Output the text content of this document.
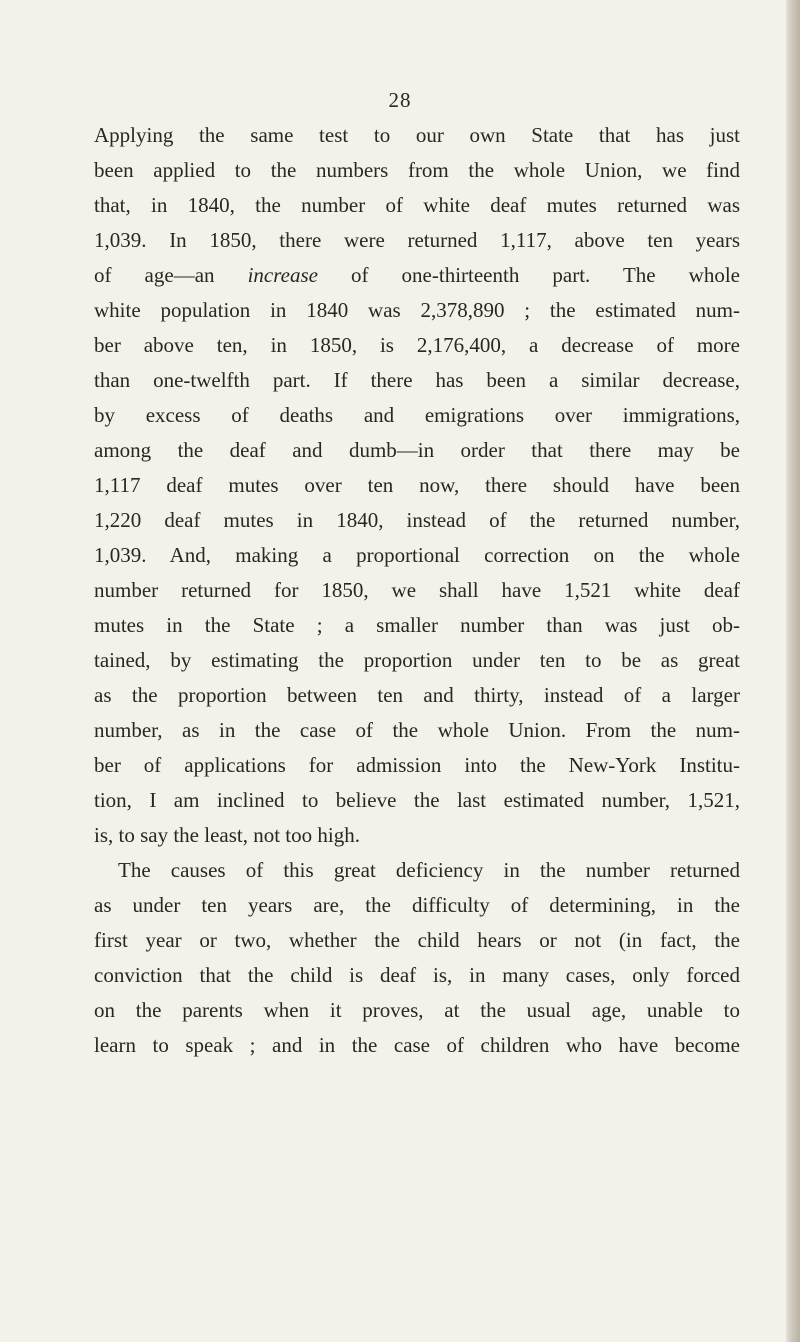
28
Applying the same test to our own State that has just
been applied to the numbers from the whole Union, we find
that, in 1840, the number of white deaf mutes returned was
1,039. In 1850, there were returned 1,117, above ten years
of age—an increase of one-thirteenth part. The whole
white population in 1840 was 2,378,890 ; the estimated num-
ber above ten, in 1850, is 2,176,400, a decrease of more
than one-twelfth part. If there has been a similar decrease,
by excess of deaths and emigrations over immigrations,
among the deaf and dumb—in order that there may be
1,117 deaf mutes over ten now, there should have been
1,220 deaf mutes in 1840, instead of the returned number,
1,039. And, making a proportional correction on the whole
number returned for 1850, we shall have 1,521 white deaf
mutes in the State ; a smaller number than was just ob-
tained, by estimating the proportion under ten to be as great
as the proportion between ten and thirty, instead of a larger
number, as in the case of the whole Union. From the num-
ber of applications for admission into the New-York Institu-
tion, I am inclined to believe the last estimated number, 1,521,
is, to say the least, not too high.
The causes of this great deficiency in the number returned
as under ten years are, the difficulty of determining, in the
first year or two, whether the child hears or not (in fact, the
conviction that the child is deaf is, in many cases, only forced
on the parents when it proves, at the usual age, unable to
learn to speak ; and in the case of children who have become
